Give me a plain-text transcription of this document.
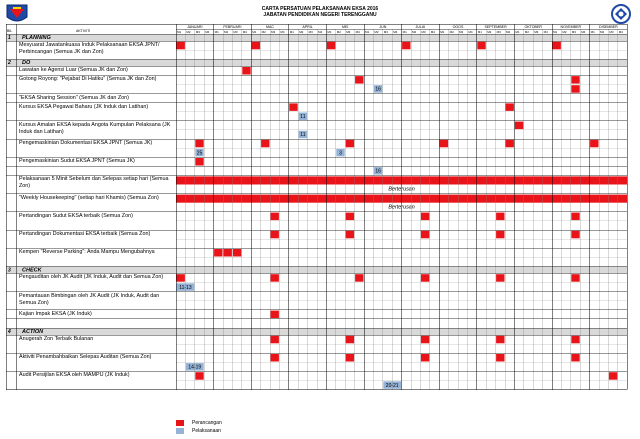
CARTA PERSATUAN PELAKSANAAN EKSA 2016
JABATAN PENDIDIKAN NEGERI TERENGGANU
BIL	AKTIVITI
JANUARI
M1 M2 M3 M4
FEBRUARI
M1 M2 M3 M4
MAC
M1 M2 M3 M4
APRIL
M1 M2 M3 M4
MEI
M1 M2 M3 M4
JUN
M1 M2 M3 M4
JULAI
M1 M2 M3 M4
OGOS
M1 M2 M3 M4
SEPTEMBER
M1 M2 M3 M4
OKTOBER
M1 M2 M3 M4
NOVEMBER
M1 M2 M3 M4
DISEMBER
M1 M2 M3 M4
1 PLANNING
Mesyuarat Jawatankuasa Induk Pelaksanaan EKSA JPNT/ Perbincangan (Semua JK dan Zon)
2 DO
Lawatan ke Agensi Luar (Semua JK dan Zon)
Gotong Royong: "Pejabat Di Hatiku" (Semua JK dan Zon)
16
"EKSA Sharing Session" (Semua JK dan Zon)
Kursus EKSA Pegawai Baharu (JK Induk dan Latihan)
11
Kursus Amalan EKSA kepada Angota Kumpulan Pelaksana (JK Induk dan Latihan)
11
Pengemaskinian Dokumentasi EKSA JPNT (Semua JK)
25	3
Pengemaskinian Sudut EKSA JPNT (Semua JK)
16
Pelaksanaan 5 Minit Sebelum dan Selepas setiap hari (Semua Zon)
Berterusan
"Weekly Housekeeping" (setiap hari Khamis) (Semua Zon)
Berterusan
Pertandingan Sudut EKSA terbaik (Semua Zon)
Pertandingan Dokumentasi EKSA terbaik (Semua Zon)
Kempen "Reverse Parking": Anda Mampu Mengubahnya
3 CHECK
Pengauditan oleh JK Audit (JK Induk, Audit dan Semua Zon)
11-13
Pemantauan Bimbingan oleh JK Audit (JK Induk, Audit dan Semua Zon)
Kajian Impak EKSA (JK Induk)
4 ACTION
Anugerah Zon Terbaik Bulanan
Aktiviti Penambahbaikan Selepas Auditan (Semua Zon)
14-19
Audit Persijilan EKSA oleh MAMPU (JK Induk)
20-21
Perancangan
Pelaksanaan
